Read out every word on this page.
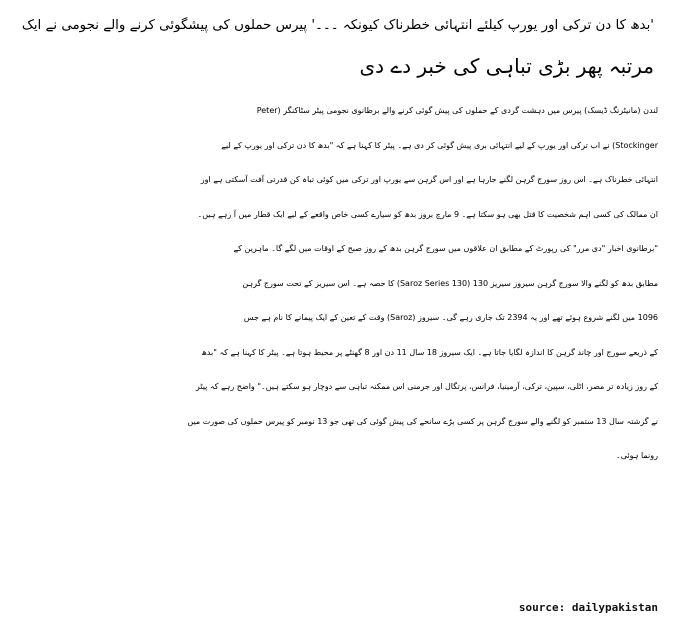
'بدھ کا دن ترکی اور یورپ کیلئے انتہائی خطرناک کیونکہ ۔۔۔' پیرس حملوں کی پیشگوئی کرنے والے نجومی نے ایک
مرتبہ پھر بڑی تباہی کی خبر دے دی
لندن (مانیٹرنگ ڈیسک) پیرس میں دہشت گردی کے حملوں کی پیش گوئی کرنے والے برطانوی نجومی پیٹر سٹاکنگر (Peter
Stockinger) نے اب ترکی اور یورپ کے لیے انتہائی بری پیش گوئی کر دی ہے۔ پیٹر کا کہنا ہے کہ "بدھ کا دن ترکی اور یورپ کے لیے
انتہائی خطرناک ہے۔ اس روز سورج گرہن لگنے جارہا ہے اور اس گرہن سے یورپ اور ترکی میں کوئی تباہ کن قدرتی آفت آسکتی ہے اور
ان ممالک کی کسی اہم شخصیت کا قتل بھی ہو سکتا ہے۔ 9 مارچ بروز بدھ کو سیارے کسی خاص واقعے کے لیے ایک قطار میں آ رہے ہیں۔
"برطانوی اخبار "دی مرر" کی رپورٹ کے مطابق ان علاقوں میں سورج گرہن بدھ کے روز صبح کے اوقات میں لگے گا۔ ماہرین کے
مطابق بدھ کو لگنے والا سورج گرہن سیروز سیریز 130 (Saroz Series 130) کا حصہ ہے۔ اس سیریز کے تحت سورج گرہن
1096 میں لگنے شروع ہوئے تھے اور یہ 2394 تک جاری رہے گی۔ سیروز (Saroz) وقت کے تعین کے ایک پیمانے کا نام ہے جس
کے ذریعے سورج اور چاند گرہن کا اندازہ لگایا جاتا ہے۔ ایک سیروز 18 سال 11 دن اور 8 گھنٹے پر محیط ہوتا ہے۔ پیٹر کا کہنا ہے کہ "بدھ
کے روز زیادہ تر مصر، اٹلی، سپین، ترکی، آرمینیا، فرانس، پرتگال اور جرمنی اس ممکنہ تباہی سے دوچار ہو سکتے ہیں۔" واضح رہے کہ پیٹر
نے گزشتہ سال 13 ستمبر کو لگنے والے سورج گرہن پر کسی بڑے سانحے کی پیش گوئی کی تھی جو 13 نومبر کو پیرس حملوں کی صورت میں
رونما ہوئی۔
source: dailypakistan
